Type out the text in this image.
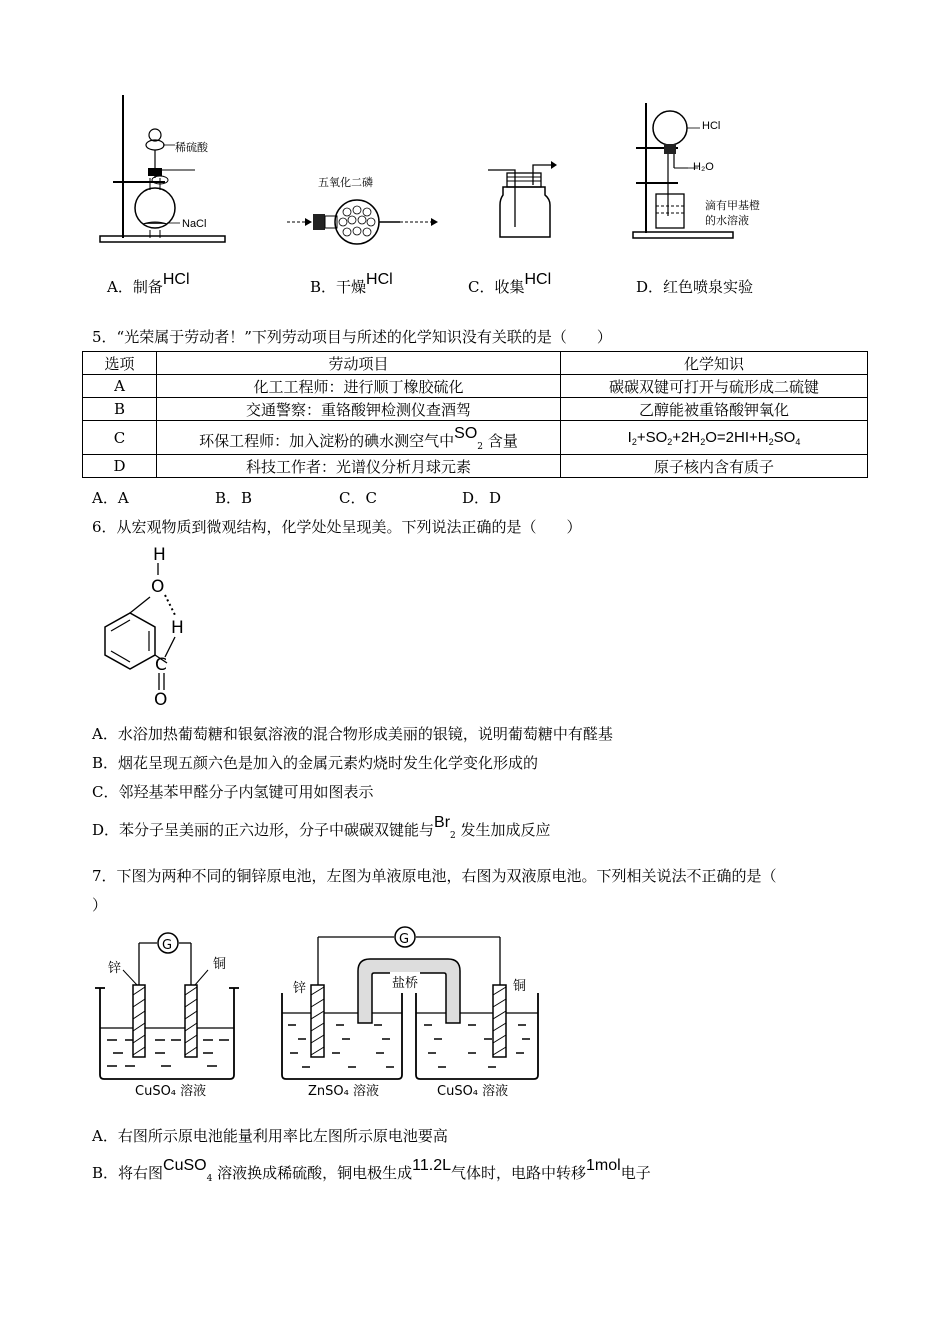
稀硫酸
NaCl
五氧化二磷
HCl
H₂O
滴有甲基橙
的水溶液
A．制备HCl	B．干燥HCl	C．收集HCl	D．红色喷泉实验
5．“光荣属于劳动者！”下列劳动项目与所述的化学知识没有关联的是（　　）
选项	劳动项目	化学知识
A	化工工程师：进行顺丁橡胶硫化	碳碳双键可打开与硫形成二硫键
B	交通警察：重铬酸钾检测仪查酒驾	乙醇能被重铬酸钾氧化
C	环保工程师：加入淀粉的碘水测空气中$SO_2$ 含量	$I_2+SO_2+2H_2O=2HI+H_2SO_4$
D	科技工作者：光谱仪分析月球元素	原子核内含有质子
A．A	B．B	C．C	D．D
6．从宏观物质到微观结构，化学处处呈现美。下列说法正确的是（　　）
H
O
H
C
O
A．水浴加热葡萄糖和银氨溶液的混合物形成美丽的银镜，说明葡萄糖中有醛基
B．烟花呈现五颜六色是加入的金属元素灼烧时发生化学变化形成的
C．邻羟基苯甲醛分子内氢键可用如图表示
D．苯分子呈美丽的正六边形，分子中碳碳双键能与$Br_2$ 发生加成反应
7．下图为两种不同的铜锌原电池，左图为单液原电池，右图为双液原电池。下列相关说法不正确的是（
）
G
锌	铜
CuSO₄ 溶液
G
盐桥
锌	铜
ZnSO₄ 溶液	CuSO₄ 溶液
A．右图所示原电池能量利用率比左图所示原电池要高
B．将右图CuSO$_4$ 溶液换成稀硫酸，铜电极生成11.2L气体时，电路中转移1mol电子
